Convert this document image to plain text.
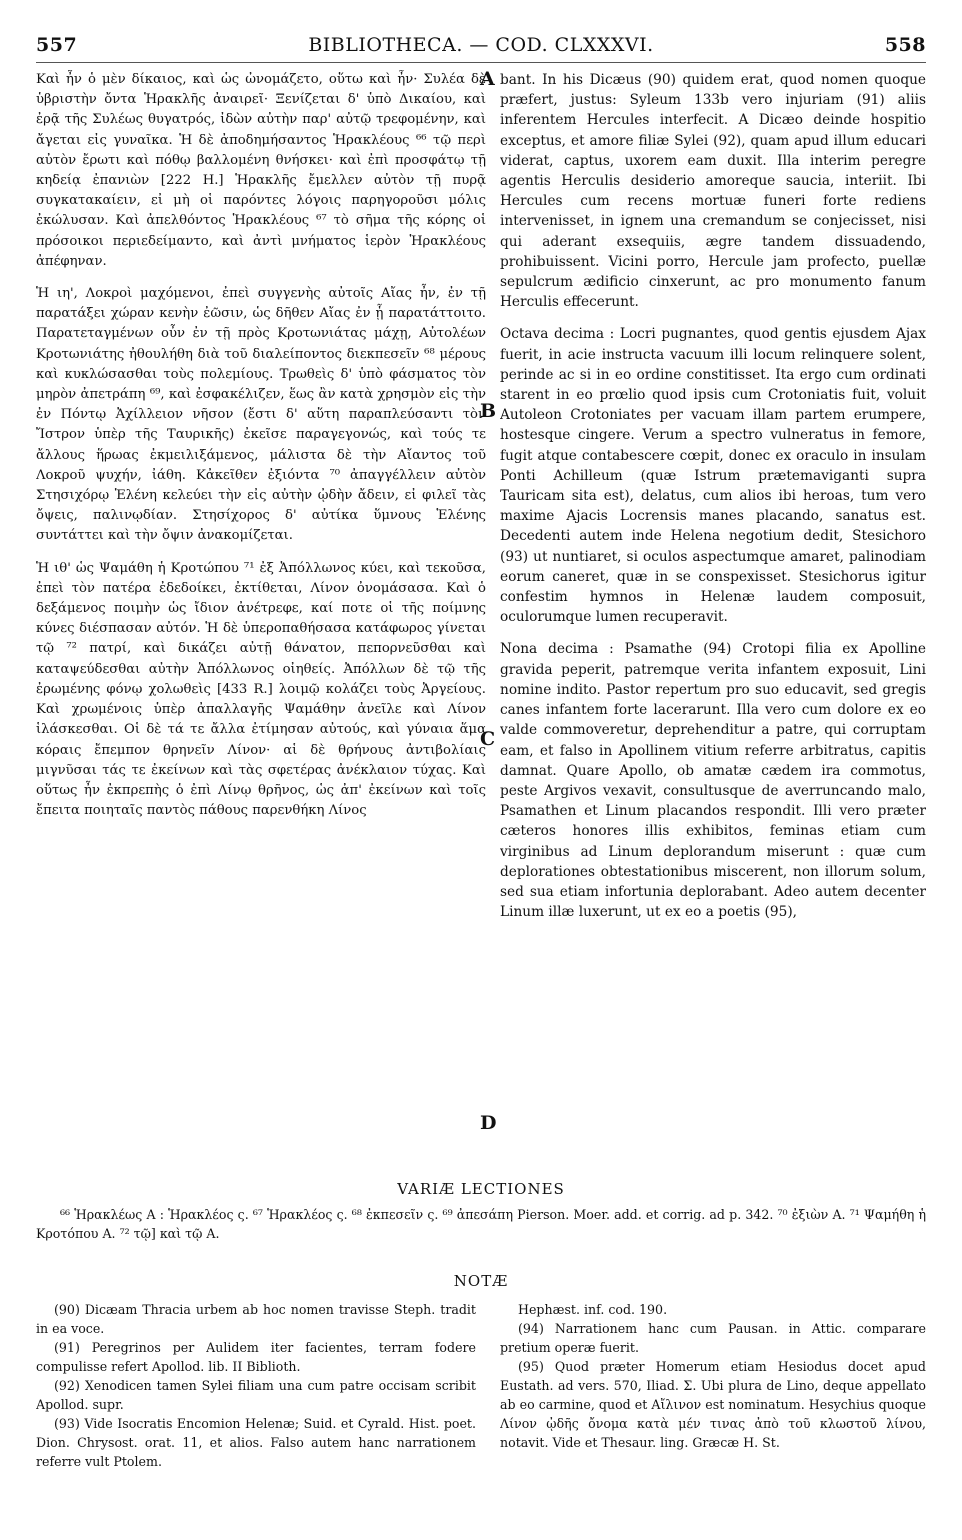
557	BIBLIOTHECA. — COD. CLXXXVI.	558

Καὶ ἦν ὁ μὲν δίκαιος, καὶ ὡς ὠνομάζετο, οὕτω καὶ ἦν· Συλέα δὲ ὑβριστὴν ὄντα Ἡρακλῆς ἀναιρεῖ· Ξενίζεται δ' ὑπὸ Δικαίου, καὶ ἐρᾷ τῆς Συλέως θυγατρός, ἰδὼν αὐτὴν παρ' αὐτῷ τρεφομένην, καὶ ἄγεται εἰς γυναῖκα. Ἡ δὲ ἀποδημήσαντος Ἡρακλέους ⁶⁶ τῷ περὶ αὐτὸν ἔρωτι καὶ πόθῳ βαλλομένη θνήσκει· καὶ ἐπὶ προσφάτῳ τῇ κηδείᾳ ἐπανιὼν [222 H.] Ἡρακλῆς ἔμελλεν αὐτὸν τῇ πυρᾷ συγκατακαίειν, εἰ μὴ οἱ παρόντες λόγοις παρηγοροῦσι μόλις ἐκώλυσαν. Καὶ ἀπελθόντος Ἡρακλέους ⁶⁷ τὸ σῆμα τῆς κόρης οἱ πρόσοικοι περιεδείμαντο, καὶ ἀντὶ μνήματος ἱερὸν Ἡρακλέους ἀπέφηναν.

Ἡ ιη', Λοκροὶ μαχόμενοι, ἐπεὶ συγγενὴς αὐτοῖς Αἴας ἦν, ἐν τῇ παρατάξει χώραν κενὴν ἐῶσιν, ὡς δῆθεν Αἴας ἐν ᾗ παρατάττοιτο. Παρατεταγμένων οὖν ἐν τῇ πρὸς Κροτωνιάτας μάχῃ, Αὐτολέων Κροτωνιάτης ἠθουλήθη διὰ τοῦ διαλείποντος διεκπεσεῖν ⁶⁸ μέρους καὶ κυκλώσασθαι τοὺς πολεμίους. Τρωθεὶς δ' ὑπὸ φάσματος τὸν μηρὸν ἀπετράπη ⁶⁹, καὶ ἐσφακέλιζεν, ἕως ἂν κατὰ χρησμὸν εἰς τὴν ἐν Πόντῳ Ἀχίλλειον νῆσον (ἔστι δ' αὕτη παραπλεύσαντι τὸν Ἴστρον ὑπὲρ τῆς Ταυρικῆς) ἐκεῖσε παραγεγονώς, καὶ τούς τε ἄλλους ἥρωας ἐκμειλιξάμενος, μάλιστα δὲ τὴν Αἴαντος τοῦ Λοκροῦ ψυχήν, ἰάθη. Κἀκεῖθεν ἐξιόντα ⁷⁰ ἀπαγγέλλειν αὐτὸν Στησιχόρῳ Ἑλένη κελεύει τὴν εἰς αὐτὴν ᾠδὴν ἄδειν, εἰ φιλεῖ τὰς ὄψεις, παλινῳδίαν. Στησίχορος δ' αὐτίκα ὕμνους Ἑλένης συντάττει καὶ τὴν ὄψιν ἀνακομίζεται.

Ἡ ιθ' ὡς Ψαμάθη ἡ Κροτώπου ⁷¹ ἐξ Ἀπόλλωνος κύει, καὶ τεκοῦσα, ἐπεὶ τὸν πατέρα ἐδεδοίκει, ἐκτίθεται, Λίνον ὀνομάσασα. Καὶ ὁ δεξάμενος ποιμὴν ὡς ἴδιον ἀνέτρεφε, καί ποτε οἱ τῆς ποίμνης κύνες διέσπασαν αὐτόν. Ἡ δὲ ὑπεροπαθήσασα κατάφωρος γίνεται τῷ ⁷² πατρί, καὶ δικάζει αὐτῇ θάνατον, πεπορνεῦσθαι καὶ καταψεύδεσθαι αὐτὴν Ἀπόλλωνος οἰηθείς. Ἀπόλλων δὲ τῷ τῆς ἐρωμένης φόνῳ χολωθεὶς [433 R.] λοιμῷ κολάζει τοὺς Ἀργείους. Καὶ χρωμένοις ὑπὲρ ἀπαλλαγῆς Ψαμάθην ἀνεῖλε καὶ Λίνον ἱλάσκεσθαι. Οἱ δὲ τά τε ἄλλα ἐτίμησαν αὐτούς, καὶ γύναια ἅμα κόραις ἔπεμπον θρηνεῖν Λίνον· αἱ δὲ θρήνους ἀντιβολίαις μιγνῦσαι τάς τε ἐκείνων καὶ τὰς σφετέρας ἀνέκλαιον τύχας. Καὶ οὕτως ἦν ἐκπρεπὴς ὁ ἐπὶ Λίνῳ θρῆνος, ὡς ἀπ' ἐκείνων καὶ τοῖς ἔπειτα ποιηταῖς παντὸς πάθους παρενθήκη Λίνος

A
B
C
D

bant. In his Dicæus (90) quidem erat, quod nomen quoque præfert, justus: Syleum 133b vero injuriam (91) aliis inferentem Hercules interfecit. A Dicæo deinde hospitio exceptus, et amore filiæ Sylei (92), quam apud illum educari viderat, captus, uxorem eam duxit. Illa interim peregre agentis Herculis desiderio amoreque saucia, interiit. Ibi Hercules cum recens mortuæ funeri forte rediens intervenisset, in ignem una cremandum se conjecisset, nisi qui aderant exsequiis, ægre tandem dissuadendo, prohibuissent. Vicini porro, Hercule jam profecto, puellæ sepulcrum ædificio cinxerunt, ac pro monumento fanum Herculis effecerunt.

Octava decima : Locri pugnantes, quod gentis ejusdem Ajax fuerit, in acie instructa vacuum illi locum relinquere solent, perinde ac si in eo ordine constitisset. Ita ergo cum ordinati starent in eo prœlio quod ipsis cum Crotoniatis fuit, voluit Autoleon Crotoniates per vacuam illam partem erumpere, hostesque cingere. Verum a spectro vulneratus in femore, fugit atque contabescere cœpit, donec ex oraculo in insulam Ponti Achilleum (quæ Istrum prætemaviganti supra Tauricam sita est), delatus, cum alios ibi heroas, tum vero maxime Ajacis Locrensis manes placando, sanatus est. Decedenti autem inde Helena negotium dedit, Stesichoro (93) ut nuntiaret, si oculos aspectumque amaret, palinodiam eorum caneret, quæ in se conspexisset. Stesichorus igitur confestim hymnos in Helenæ laudem composuit, oculorumque lumen recuperavit.

Nona decima : Psamathe (94) Crotopi filia ex Apolline gravida peperit, patremque verita infantem exposuit, Lini nomine indito. Pastor repertum pro suo educavit, sed gregis canes infantem forte lacerarunt. Illa vero cum dolore ex eo valde commoveretur, deprehenditur a patre, qui corruptam eam, et falso in Apollinem vitium referre arbitratus, capitis damnat. Quare Apollo, ob amatæ cædem ira commotus, peste Argivos vexavit, consultusque de averruncando malo, Psamathen et Linum placandos respondit. Illi vero præter cæteros honores illis exhibitos, feminas etiam cum virginibus ad Linum deplorandum miserunt : quæ cum deplorationes obtestationibus miscerent, non illorum solum, sed sua etiam infortunia deplorabant. Adeo autem decenter Linum illæ luxerunt, ut ex eo a poetis (95),

VARIÆ LECTIONES
⁶⁶ Ἡρακλέως A : Ἡρακλέος ς. ⁶⁷ Ἡρακλέος ς. ⁶⁸ ἐκπεσεῖν ς. ⁶⁹ ἀπεσάπη Pierson. Moer. add. et corrig. ad p. 342. ⁷⁰ ἐξιὼν A. ⁷¹ Ψαμήθη ἡ Κροτόπου A. ⁷² τῷ] καὶ τῷ A.
NOTÆ

(90) Dicæam Thracia urbem ab hoc nomen travisse Steph. tradit in ea voce.

(91) Peregrinos per Aulidem iter facientes, terram fodere compulisse refert Apollod. lib. II Biblioth.

(92) Xenodicen tamen Sylei filiam una cum patre occisam scribit Apollod. supr.

(93) Vide Isocratis Encomion Helenæ; Suid. et Cyrald. Hist. poet. Dion. Chrysost. orat. 11, et alios. Falso autem hanc narrationem referre vult Ptolem.

Hephæst. inf. cod. 190.

(94) Narrationem hanc cum Pausan. in Attic. comparare pretium operæ fuerit.

(95) Quod præter Homerum etiam Hesiodus docet apud Eustath. ad vers. 570, Iliad. Σ. Ubi plura de Lino, deque appellato ab eo carmine, quod et Αἴλινον est nominatum. Hesychius quoque Λίνον ᾠδῆς ὄνομα κατὰ μέν τινας ἀπὸ τοῦ κλωστοῦ λίνου, notavit. Vide et Thesaur. ling. Græcæ H. St.
